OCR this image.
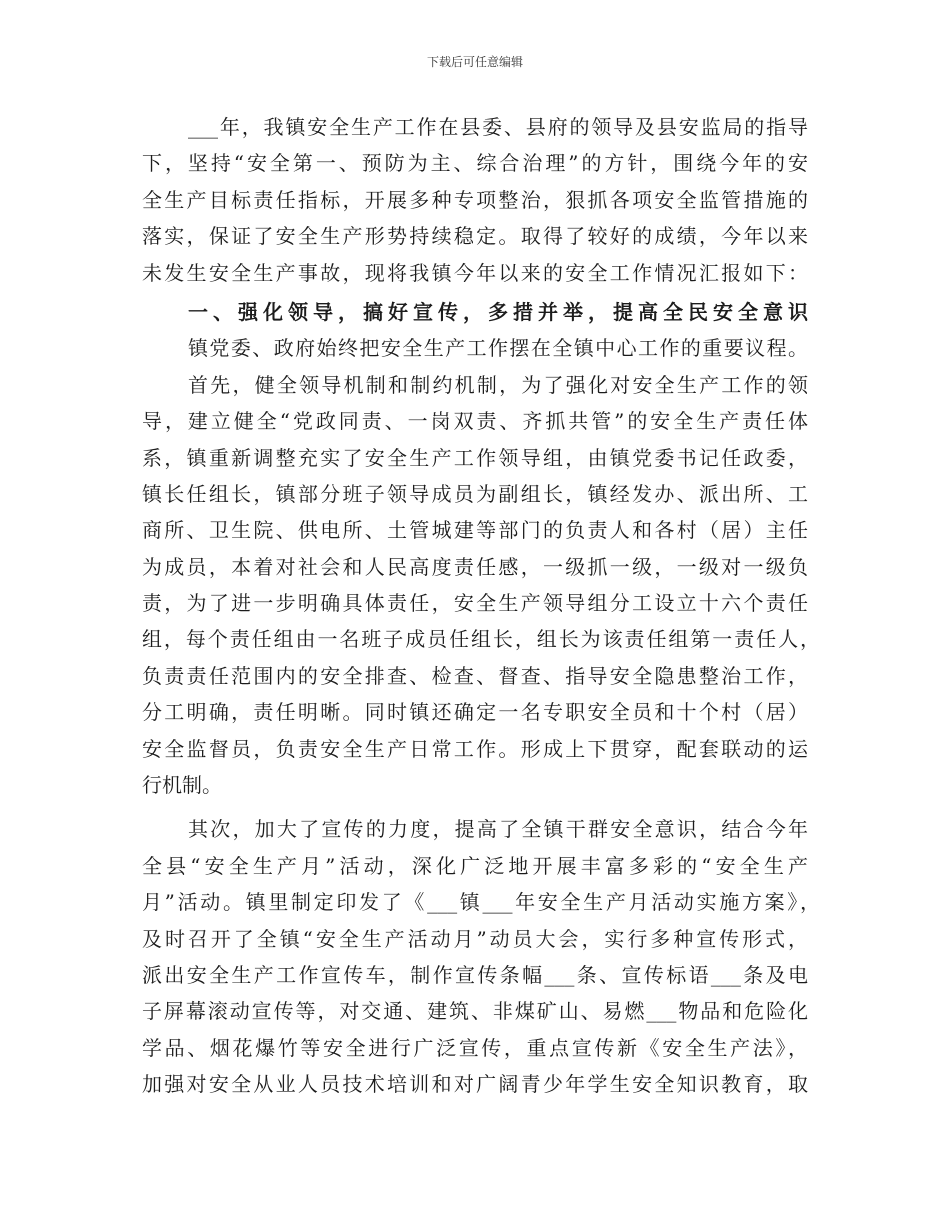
下载后可任意编辑
___年，我镇安全生产工作在县委、县府的领导及县安监局的指导
下，坚持“安全第一、预防为主、综合治理”的方针，围绕今年的安
全生产目标责任指标，开展多种专项整治，狠抓各项安全监管措施的
落实，保证了安全生产形势持续稳定。取得了较好的成绩，今年以来
未发生安全生产事故，现将我镇今年以来的安全工作情况汇报如下：
一、强化领导，搞好宣传，多措并举，提高全民安全意识
镇党委、政府始终把安全生产工作摆在全镇中心工作的重要议程。
首先，健全领导机制和制约机制，为了强化对安全生产工作的领
导，建立健全“党政同责、一岗双责、齐抓共管”的安全生产责任体
系，镇重新调整充实了安全生产工作领导组，由镇党委书记任政委，
镇长任组长，镇部分班子领导成员为副组长，镇经发办、派出所、工
商所、卫生院、供电所、土管城建等部门的负责人和各村（居）主任
为成员，本着对社会和人民高度责任感，一级抓一级，一级对一级负
责，为了进一步明确具体责任，安全生产领导组分工设立十六个责任
组，每个责任组由一名班子成员任组长，组长为该责任组第一责任人，
负责责任范围内的安全排查、检查、督查、指导安全隐患整治工作，
分工明确，责任明晰。同时镇还确定一名专职安全员和十个村（居）
安全监督员，负责安全生产日常工作。形成上下贯穿，配套联动的运
行机制。
其次，加大了宣传的力度，提高了全镇干群安全意识，结合今年
全县“安全生产月”活动，深化广泛地开展丰富多彩的“安全生产
月”活动。镇里制定印发了《___镇___年安全生产月活动实施方案》，
及时召开了全镇“安全生产活动月”动员大会，实行多种宣传形式，
派出安全生产工作宣传车，制作宣传条幅___条、宣传标语___条及电
子屏幕滚动宣传等，对交通、建筑、非煤矿山、易燃___物品和危险化
学品、烟花爆竹等安全进行广泛宣传，重点宣传新《安全生产法》，
加强对安全从业人员技术培训和对广阔青少年学生安全知识教育，取
